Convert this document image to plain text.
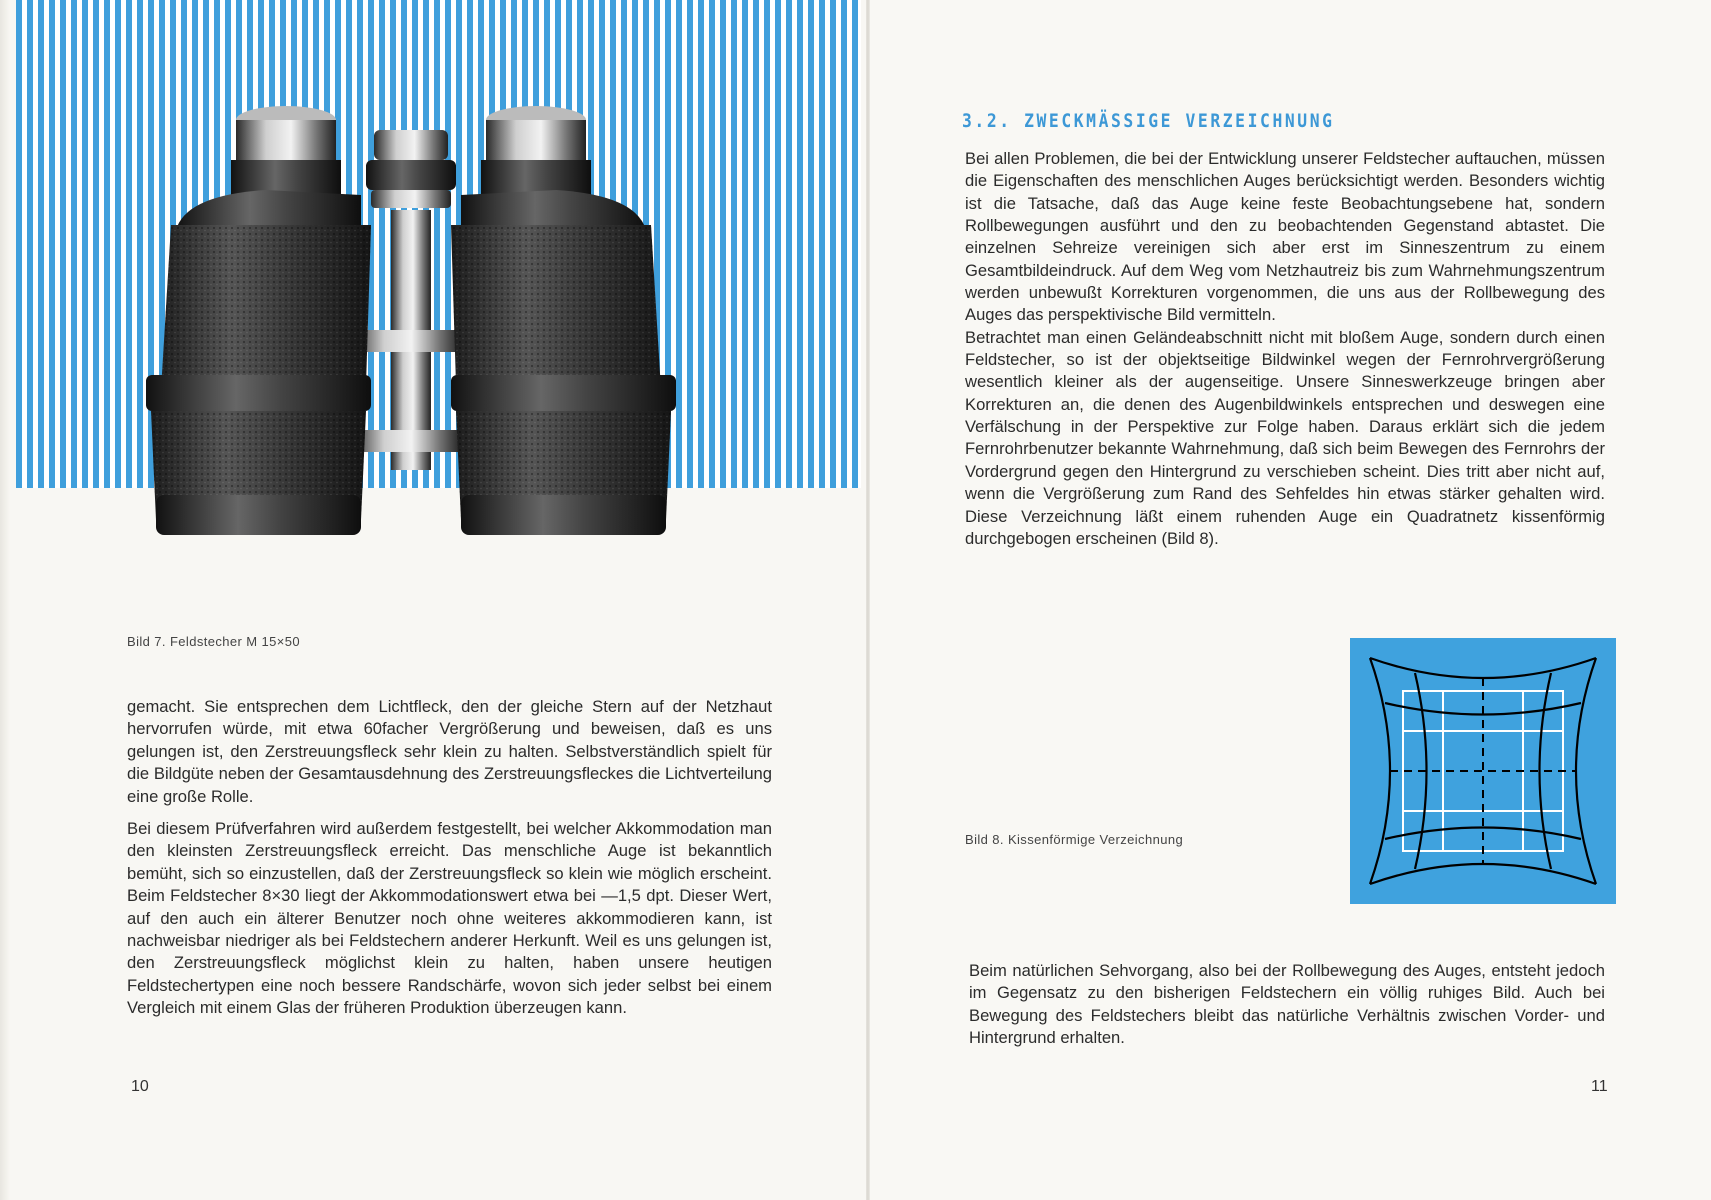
Bild 7. Feldstecher M 15×50

gemacht. Sie entsprechen dem Lichtfleck, den der gleiche Stern auf der Netzhaut hervorrufen würde, mit etwa 60facher Vergrößerung und beweisen, daß es uns gelungen ist, den Zerstreuungsfleck sehr klein zu halten. Selbstverständlich spielt für die Bildgüte neben der Gesamtausdehnung des Zerstreuungsfleckes die Lichtverteilung eine große Rolle.

Bei diesem Prüfverfahren wird außerdem festgestellt, bei welcher Akkommodation man den kleinsten Zerstreuungsfleck erreicht. Das menschliche Auge ist bekanntlich bemüht, sich so einzustellen, daß der Zerstreuungsfleck so klein wie möglich erscheint. Beim Feldstecher 8×30 liegt der Akkommodationswert etwa bei —1,5 dpt. Dieser Wert, auf den auch ein älterer Benutzer noch ohne weiteres akkommodieren kann, ist nachweisbar niedriger als bei Feldstechern anderer Herkunft. Weil es uns gelungen ist, den Zerstreuungsfleck möglichst klein zu halten, haben unsere heutigen Feldstechertypen eine noch bessere Randschärfe, wovon sich jeder selbst bei einem Vergleich mit einem Glas der früheren Produktion überzeugen kann.

10
3.2. ZWECKMÄSSIGE VERZEICHNUNG

Bei allen Problemen, die bei der Entwicklung unserer Feldstecher auftauchen, müssen die Eigenschaften des menschlichen Auges berücksichtigt werden. Besonders wichtig ist die Tatsache, daß das Auge keine feste Beobachtungsebene hat, sondern Rollbewegungen ausführt und den zu beobachtenden Gegenstand abtastet. Die einzelnen Sehreize vereinigen sich aber erst im Sinneszentrum zu einem Gesamtbildeindruck. Auf dem Weg vom Netzhautreiz bis zum Wahrnehmungszentrum werden unbewußt Korrekturen vorgenommen, die uns aus der Rollbewegung des Auges das perspektivische Bild vermitteln.

Betrachtet man einen Geländeabschnitt nicht mit bloßem Auge, sondern durch einen Feldstecher, so ist der objektseitige Bildwinkel wegen der Fernrohrvergrößerung wesentlich kleiner als der augenseitige. Unsere Sinneswerkzeuge bringen aber Korrekturen an, die denen des Augenbildwinkels entsprechen und deswegen eine Verfälschung in der Perspektive zur Folge haben. Daraus erklärt sich die jedem Fernrohrbenutzer bekannte Wahrnehmung, daß sich beim Bewegen des Fernrohrs der Vordergrund gegen den Hintergrund zu verschieben scheint. Dies tritt aber nicht auf, wenn die Vergrößerung zum Rand des Sehfeldes hin etwas stärker gehalten wird. Diese Verzeichnung läßt einem ruhenden Auge ein Quadratnetz kissenförmig durchgebogen erscheinen (Bild 8).

Bild 8. Kissenförmige Verzeichnung
Beim natürlichen Sehvorgang, also bei der Rollbewegung des Auges, entsteht jedoch im Gegensatz zu den bisherigen Feldstechern ein völlig ruhiges Bild. Auch bei Bewegung des Feldstechers bleibt das natürliche Verhältnis zwischen Vorder- und Hintergrund erhalten.
11
